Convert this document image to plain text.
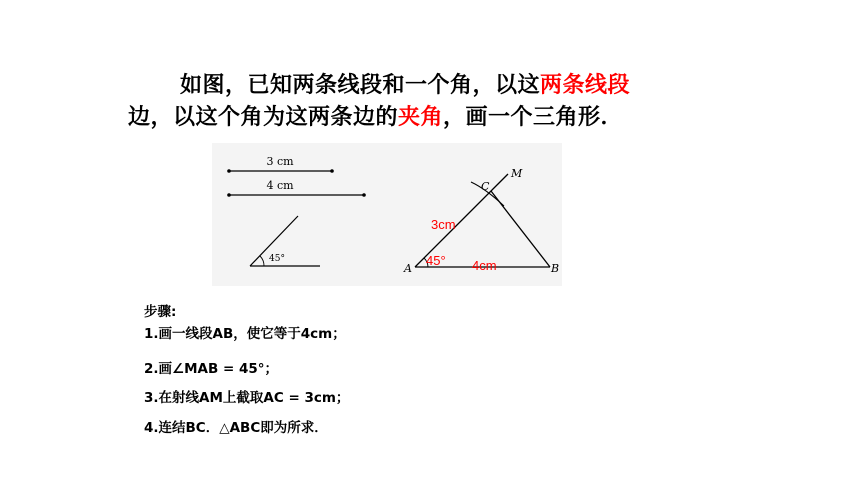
如图，已知两条线段和一个角，以这两条线段
边，以这个角为这两条边的夹角，画一个三角形．
3 cm
4 cm
45°
A	B
C
M
3cm
45° 4cm
步骤:
1.画一线段AB，使它等于4cm；
2.画∠MAB = 45°；
3.在射线AM上截取AC = 3cm；
4.连结BC．△ABC即为所求．
